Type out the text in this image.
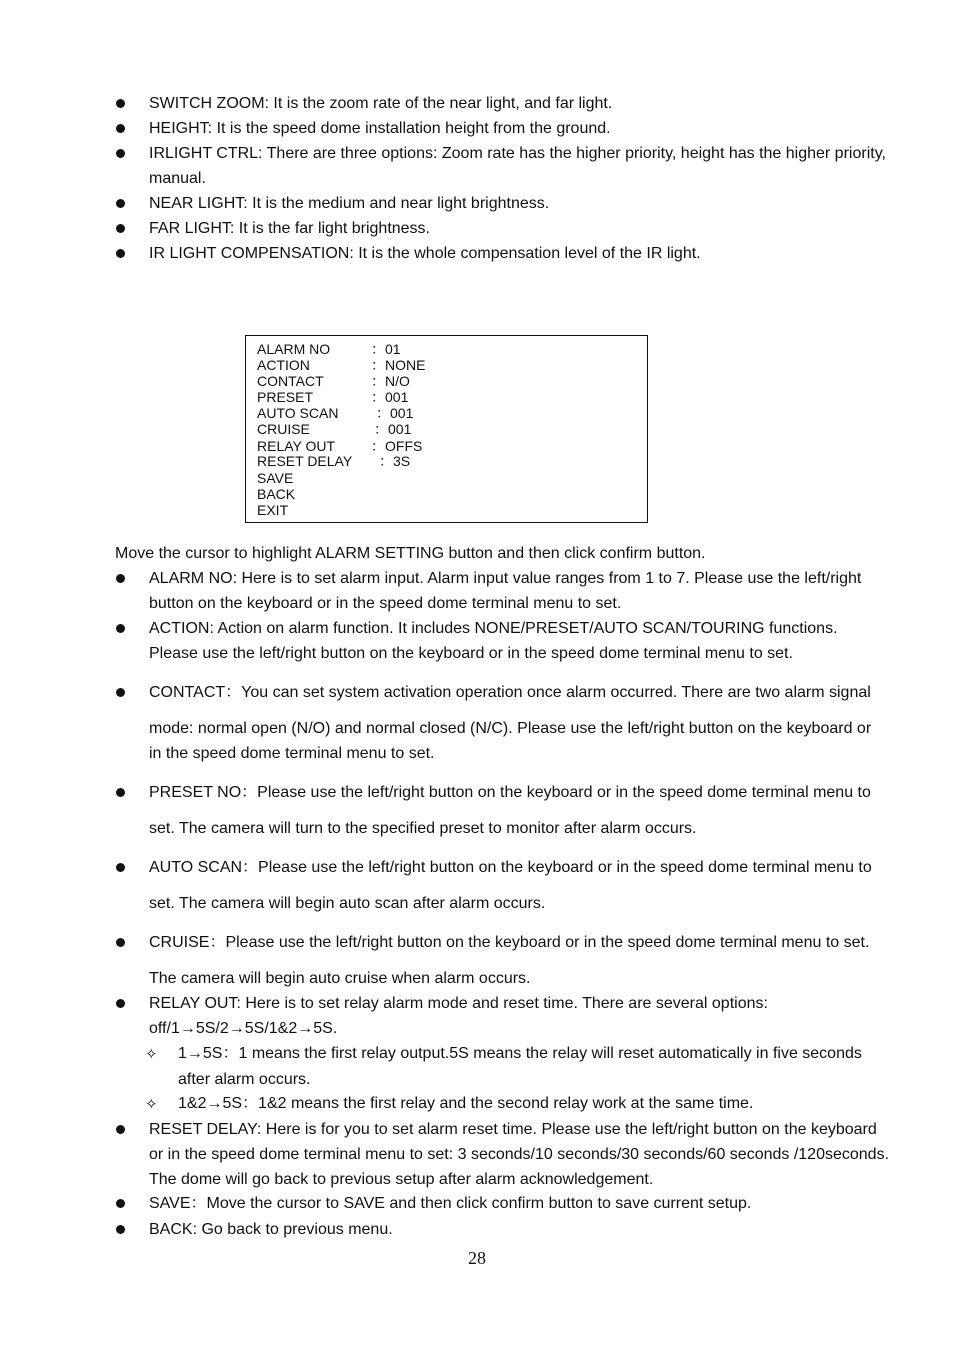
SWITCH ZOOM: It is the zoom rate of the near light, and far light.
HEIGHT: It is the speed dome installation height from the ground.
IRLIGHT CTRL: There are three options: Zoom rate has the higher priority, height has the higher priority,
manual.
NEAR LIGHT: It is the medium and near light brightness.
FAR LIGHT: It is the far light brightness.
IR LIGHT COMPENSATION: It is the whole compensation level of the IR light.
ALARM NO	：01
ACTION	：NONE
CONTACT	：N/O
PRESET	：001
AUTO SCAN	：001
CRUISE	：001
RELAY OUT	：OFFS
RESET DELAY ：3S
SAVE
BACK
EXIT
Move the cursor to highlight ALARM SETTING button and then click confirm button.
ALARM NO: Here is to set alarm input. Alarm input value ranges from 1 to 7. Please use the left/right
button on the keyboard or in the speed dome terminal menu to set.
ACTION: Action on alarm function. It includes NONE/PRESET/AUTO SCAN/TOURING functions.
Please use the left/right button on the keyboard or in the speed dome terminal menu to set.
CONTACT：You can set system activation operation once alarm occurred. There are two alarm signal
mode: normal open (N/O) and normal closed (N/C). Please use the left/right button on the keyboard or
in the speed dome terminal menu to set.
PRESET NO：Please use the left/right button on the keyboard or in the speed dome terminal menu to
set. The camera will turn to the specified preset to monitor after alarm occurs.
AUTO SCAN：Please use the left/right button on the keyboard or in the speed dome terminal menu to
set. The camera will begin auto scan after alarm occurs.
CRUISE：Please use the left/right button on the keyboard or in the speed dome terminal menu to set.
The camera will begin auto cruise when alarm occurs.
RELAY OUT: Here is to set relay alarm mode and reset time. There are several options:
off/1→5S/2→5S/1&2→5S.
✧ 1→5S：1 means the first relay output.5S means the relay will reset automatically in five seconds
after alarm occurs.
✧ 1&2→5S：1&2 means the first relay and the second relay work at the same time.
RESET DELAY: Here is for you to set alarm reset time. Please use the left/right button on the keyboard
or in the speed dome terminal menu to set: 3 seconds/10 seconds/30 seconds/60 seconds /120seconds.
The dome will go back to previous setup after alarm acknowledgement.
SAVE：Move the cursor to SAVE and then click confirm button to save current setup.
BACK: Go back to previous menu.
28
